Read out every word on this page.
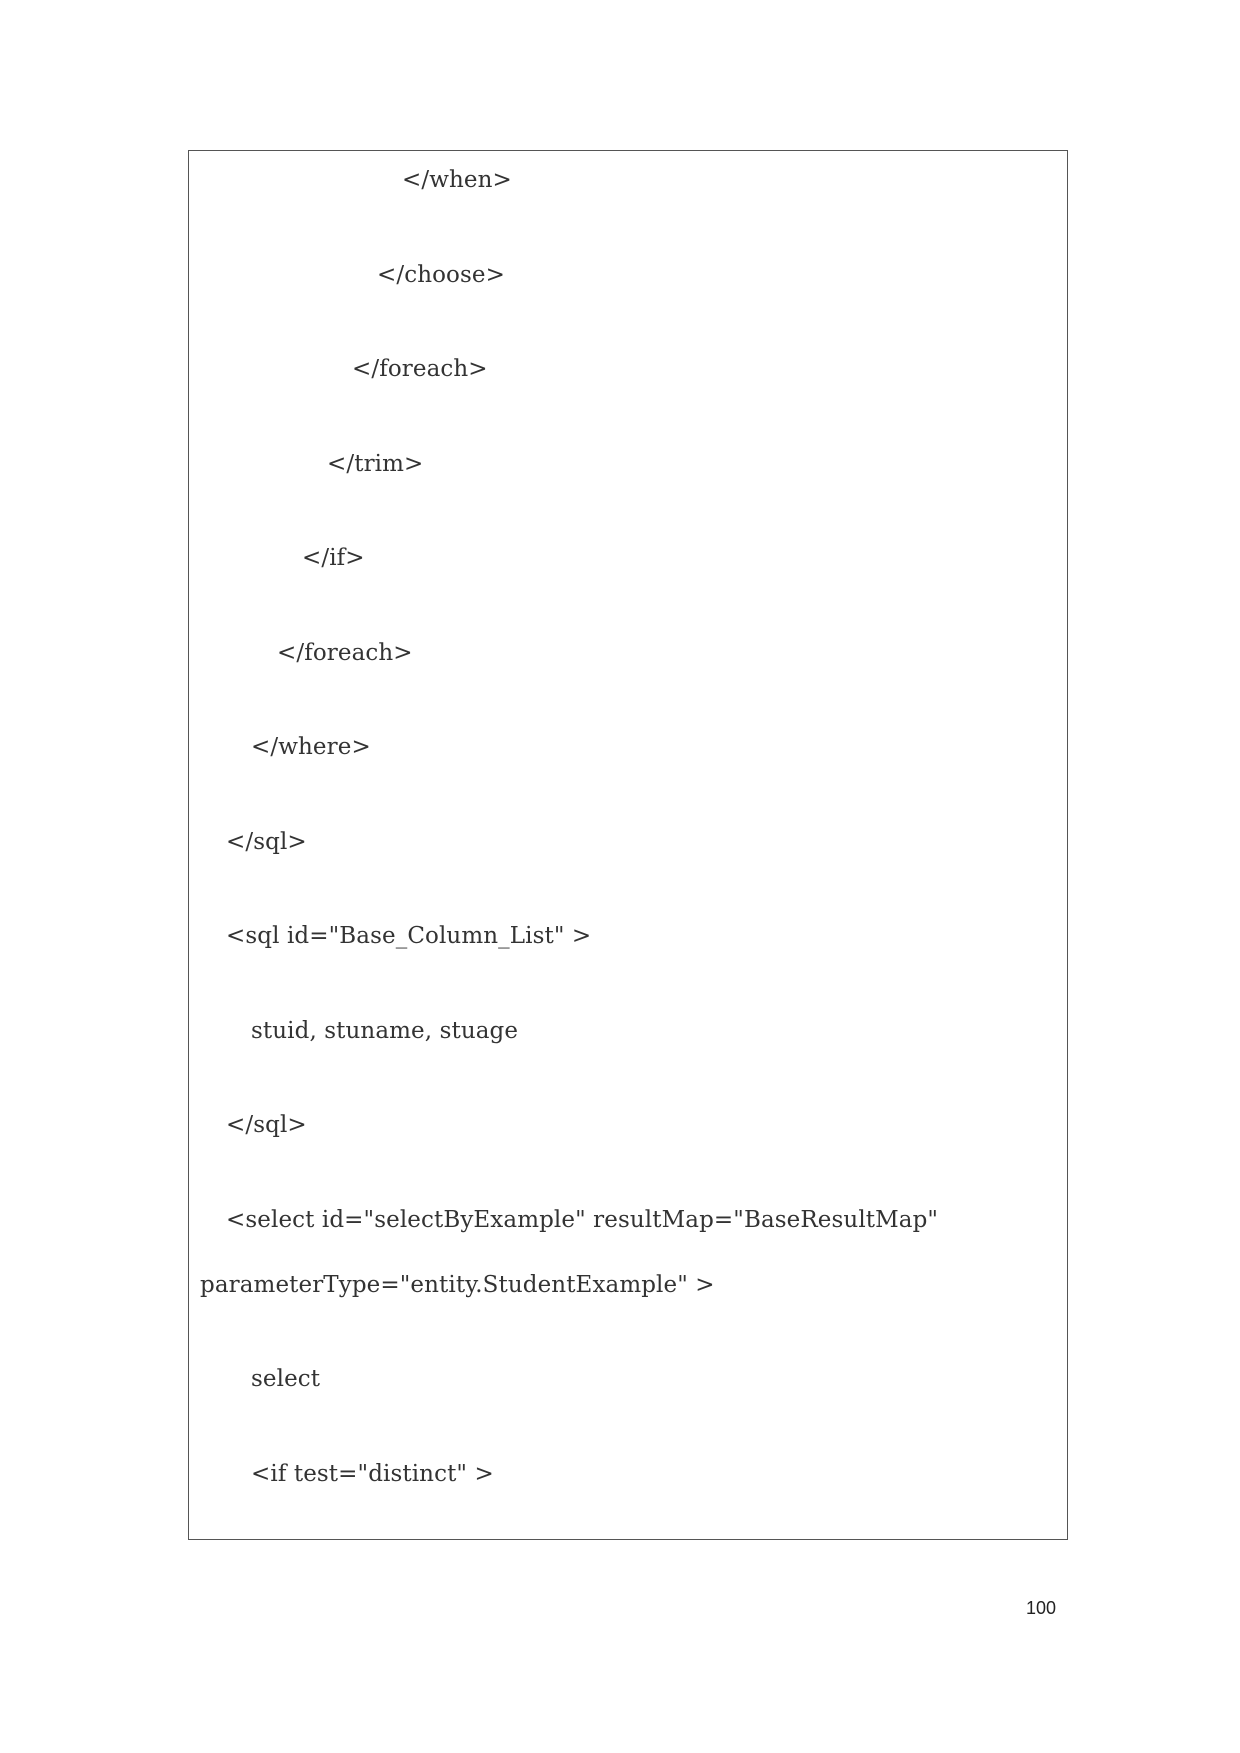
</when>
</choose>
</foreach>
</trim>
</if>
</foreach>
</where>
</sql>
<sql id="Base_Column_List" >
stuid, stuname, stuage
</sql>
<select id="selectByExample" resultMap="BaseResultMap"
parameterType="entity.StudentExample" >
select
<if test="distinct" >
100
